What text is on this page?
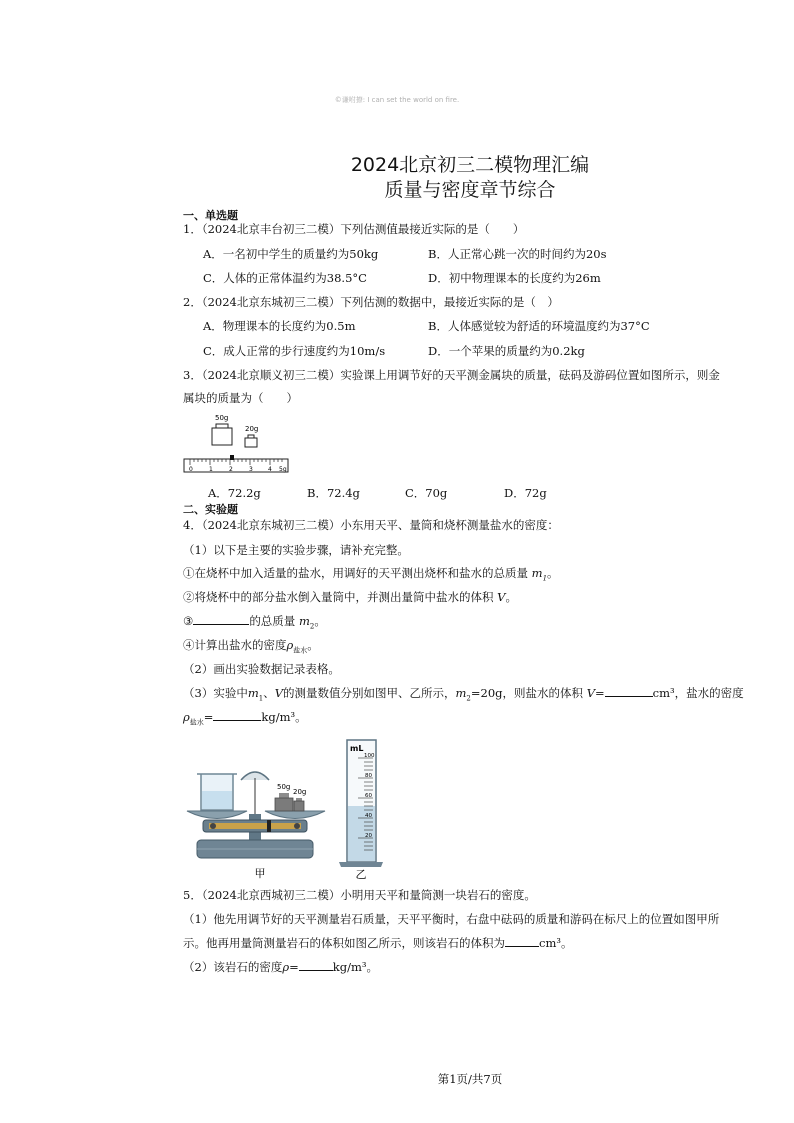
©谦咐撩: I can set the world on fire.
2024北京初三二模物理汇编
质量与密度章节综合
一、单选题
1．（2024北京丰台初三二模）下列估测值最接近实际的是（　　）
A．一名初中学生的质量约为50kg	B．人正常心跳一次的时间约为20s
C．人体的正常体温约为38.5°C	D．初中物理课本的长度约为26m
2．（2024北京东城初三二模）下列估测的数据中，最接近实际的是（　）
A．物理课本的长度约为0.5m	B．人体感觉较为舒适的环境温度约为37°C
C．成人正常的步行速度约为10m/s	D．一个苹果的质量约为0.2kg
3．（2024北京顺义初三二模）实验课上用调节好的天平测金属块的质量，砝码及游码位置如图所示，则金
属块的质量为（　　）
50g
20g
0	1	2	3	4 5g
A．72.2g	B．72.4g	C．70g	D．72g
二、实验题
4．（2024北京东城初三二模）小东用天平、量筒和烧杯测量盐水的密度：
（1）以下是主要的实验步骤，请补充完整。
①在烧杯中加入适量的盐水，用调好的天平测出烧杯和盐水的总质量 $m_1$。
②将烧杯中的部分盐水倒入量筒中，并测出量筒中盐水的体积 V。
③	的总质量 $m_2$。
④计算出盐水的密度$\rho_{盐水}$。
（2）画出实验数据记录表格。
（3）实验中$m_1$、V的测量数值分别如图甲、乙所示，$m_2=20g$，则盐水的体积 V=	cm³，盐水的密度
$\rho_{盐水}=$	kg/m³。
50g
20g
甲
mL
100
80
60
40
20
乙
5．（2024北京西城初三二模）小明用天平和量筒测一块岩石的密度。
（1）他先用调节好的天平测量岩石质量，天平平衡时，右盘中砝码的质量和游码在标尺上的位置如图甲所
示。他再用量筒测量岩石的体积如图乙所示，则该岩石的体积为	cm³。
（2）该岩石的密度ρ=	kg/m³。
第1页/共7页
